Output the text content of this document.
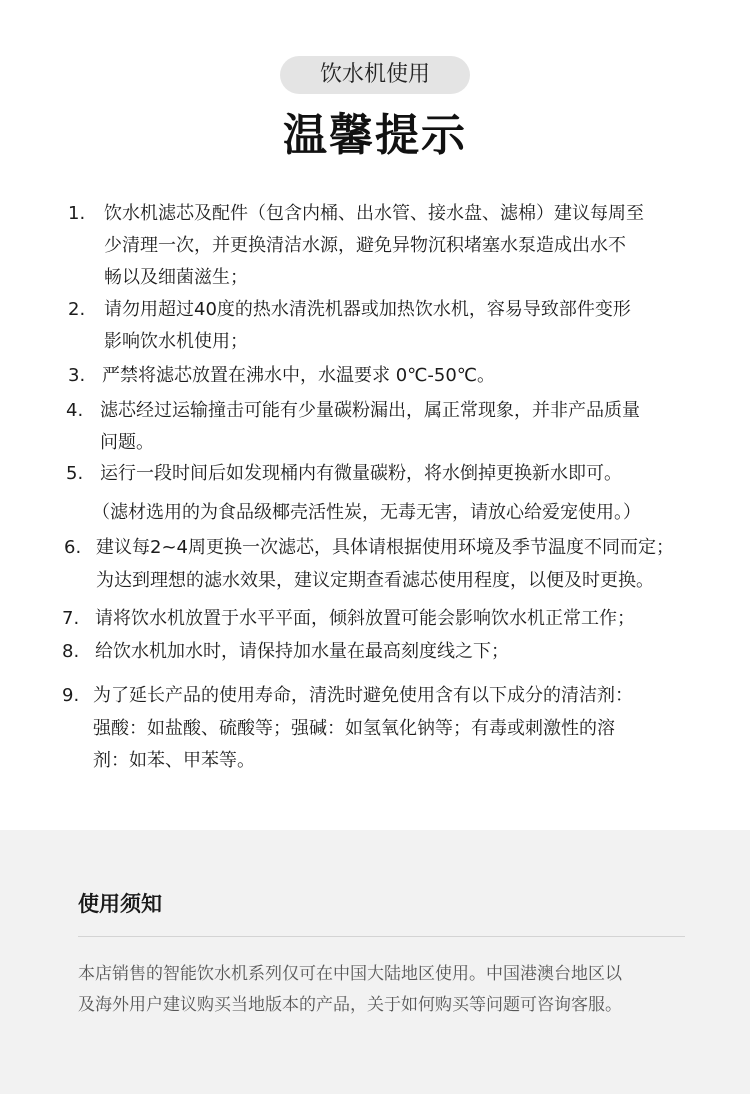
饮水机使用
温馨提示
1. 饮水机滤芯及配件（包含内桶、出水管、接水盘、滤棉）建议每周至
少清理一次，并更换清洁水源，避免异物沉积堵塞水泵造成出水不
畅以及细菌滋生；
2. 请勿用超过40度的热水清洗机器或加热饮水机，容易导致部件变形
影响饮水机使用；
3. 严禁将滤芯放置在沸水中，水温要求 0℃-50℃。
4. 滤芯经过运输撞击可能有少量碳粉漏出，属正常现象，并非产品质量
问题。
5. 运行一段时间后如发现桶内有微量碳粉，将水倒掉更换新水即可。
（滤材选用的为食品级椰壳活性炭，无毒无害，请放心给爱宠使用。）
6. 建议每2~4周更换一次滤芯，具体请根据使用环境及季节温度不同而定；
为达到理想的滤水效果，建议定期查看滤芯使用程度，以便及时更换。
7. 请将饮水机放置于水平平面，倾斜放置可能会影响饮水机正常工作；
8. 给饮水机加水时，请保持加水量在最高刻度线之下；
9. 为了延长产品的使用寿命，清洗时避免使用含有以下成分的清洁剂：
强酸：如盐酸、硫酸等；强碱：如氢氧化钠等；有毒或刺激性的溶
剂：如苯、甲苯等。
使用须知
本店销售的智能饮水机系列仅可在中国大陆地区使用。中国港澳台地区以
及海外用户建议购买当地版本的产品，关于如何购买等问题可咨询客服。
